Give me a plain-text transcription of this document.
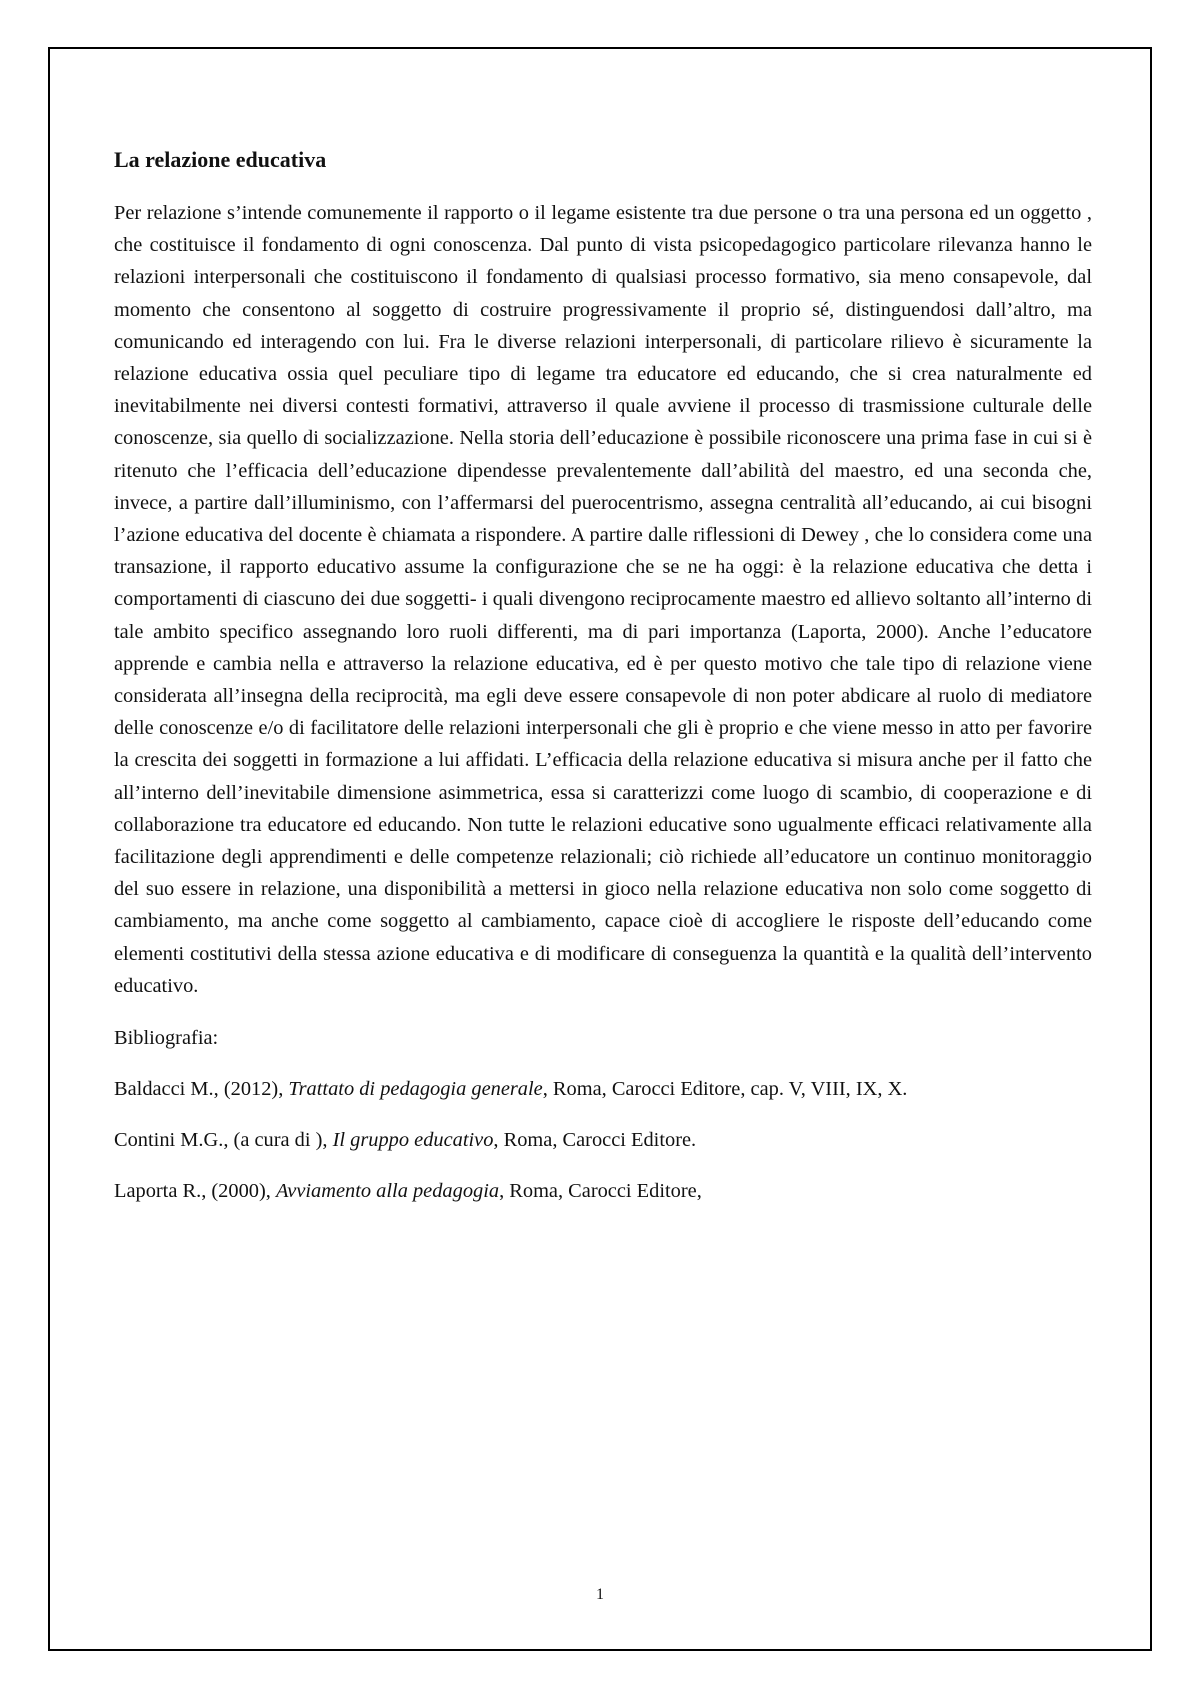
La relazione educativa

Per relazione s’intende comunemente il rapporto o il legame esistente tra due persone o tra una persona ed un oggetto , che costituisce il fondamento di ogni conoscenza. Dal punto di vista psicopedagogico particolare rilevanza hanno le relazioni interpersonali che costituiscono il fondamento di qualsiasi processo formativo, sia meno consapevole, dal momento che consentono al soggetto di costruire progressivamente il proprio sé, distinguendosi dall’altro, ma comunicando ed interagendo con lui. Fra le diverse relazioni interpersonali, di particolare rilievo è sicuramente la relazione educativa ossia quel peculiare tipo di legame tra educatore ed educando, che si crea naturalmente ed inevitabilmente nei diversi contesti formativi, attraverso il quale avviene il processo di trasmissione culturale delle conoscenze, sia quello di socializzazione. Nella storia dell’educazione è possibile riconoscere una prima fase in cui si è ritenuto che l’efficacia dell’educazione dipendesse prevalentemente dall’abilità del maestro, ed una seconda che, invece, a partire dall’illuminismo, con l’affermarsi del puerocentrismo, assegna centralità all’educando, ai cui bisogni l’azione educativa del docente è chiamata a rispondere. A partire dalle riflessioni di Dewey , che lo considera come una transazione, il rapporto educativo assume la configurazione che se ne ha oggi: è la relazione educativa che detta i comportamenti di ciascuno dei due soggetti- i quali divengono reciprocamente maestro ed allievo soltanto all’interno di tale ambito specifico assegnando loro ruoli differenti, ma di pari importanza (Laporta, 2000). Anche l’educatore apprende e cambia nella e attraverso la relazione educativa, ed è per questo motivo che tale tipo di relazione viene considerata all’insegna della reciprocità, ma egli deve essere consapevole di non poter abdicare al ruolo di mediatore delle conoscenze e/o di facilitatore delle relazioni interpersonali che gli è proprio e che viene messo in atto per favorire la crescita dei soggetti in formazione a lui affidati. L’efficacia della relazione educativa si misura anche per il fatto che all’interno dell’inevitabile dimensione asimmetrica, essa si caratterizzi come luogo di scambio, di cooperazione e di collaborazione tra educatore ed educando. Non tutte le relazioni educative sono ugualmente efficaci relativamente alla facilitazione degli apprendimenti e delle competenze relazionali; ciò richiede all’educatore un continuo monitoraggio del suo essere in relazione, una disponibilità a mettersi in gioco nella relazione educativa non solo come soggetto di cambiamento, ma anche come soggetto al cambiamento, capace cioè di accogliere le risposte dell’educando come elementi costitutivi della stessa azione educativa e di modificare di conseguenza la quantità e la qualità dell’intervento educativo.

Bibliografia:

Baldacci M., (2012), Trattato di pedagogia generale, Roma, Carocci Editore, cap. V, VIII, IX, X.

Contini M.G., (a cura di ), Il gruppo educativo, Roma, Carocci Editore.

Laporta R., (2000), Avviamento alla pedagogia, Roma, Carocci Editore,

1
